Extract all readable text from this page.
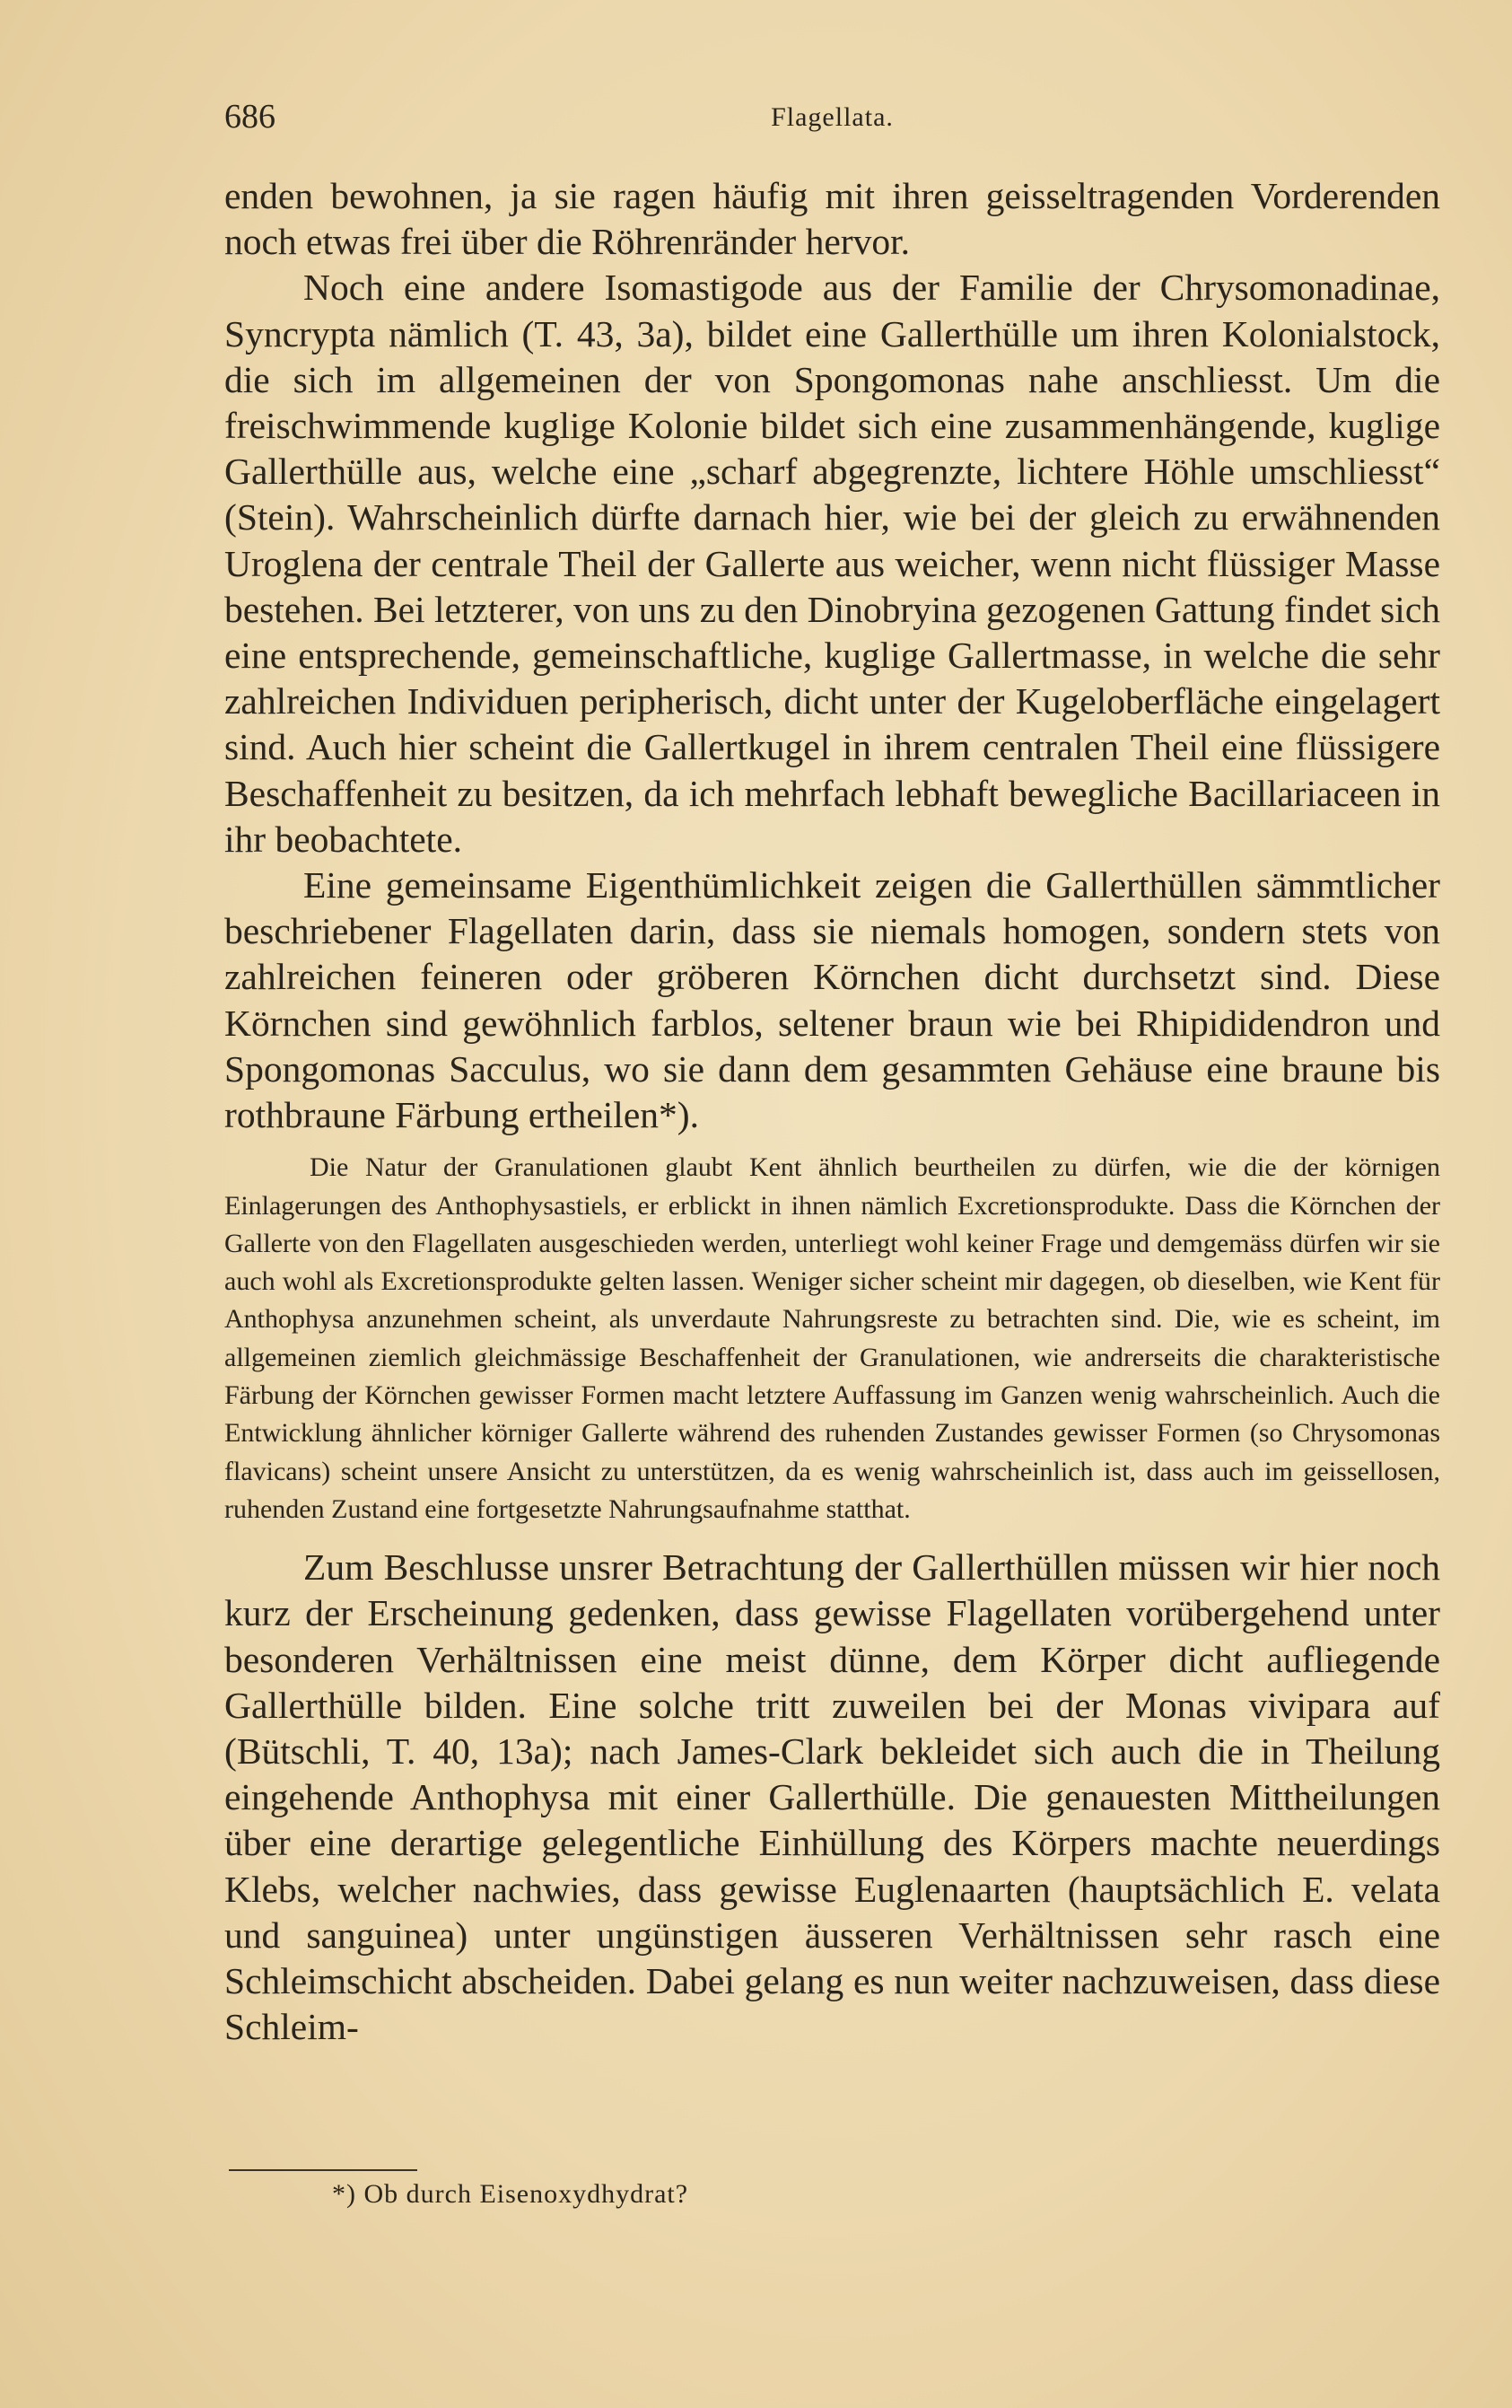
686	Flagellata.

enden bewohnen, ja sie ragen häufig mit ihren geisseltragenden Vorderenden noch etwas frei über die Röhrenränder hervor.

Noch eine andere Isomastigode aus der Familie der Chrysomonadinae, Syncrypta nämlich (T. 43, 3a), bildet eine Gallerthülle um ihren Kolonialstock, die sich im allgemeinen der von Spongomonas nahe anschliesst. Um die freischwimmende kuglige Kolonie bildet sich eine zusammenhängende, kuglige Gallerthülle aus, welche eine „scharf abgegrenzte, lichtere Höhle umschliesst“ (Stein). Wahrscheinlich dürfte darnach hier, wie bei der gleich zu erwähnenden Uroglena der centrale Theil der Gallerte aus weicher, wenn nicht flüssiger Masse bestehen. Bei letzterer, von uns zu den Dinobryina gezogenen Gattung findet sich eine entsprechende, gemeinschaftliche, kuglige Gallertmasse, in welche die sehr zahlreichen Individuen peripherisch, dicht unter der Kugeloberfläche eingelagert sind. Auch hier scheint die Gallertkugel in ihrem centralen Theil eine flüssigere Beschaffenheit zu besitzen, da ich mehrfach lebhaft bewegliche Bacillariaceen in ihr beobachtete.

Eine gemeinsame Eigenthümlichkeit zeigen die Gallerthüllen sämmtlicher beschriebener Flagellaten darin, dass sie niemals homogen, sondern stets von zahlreichen feineren oder gröberen Körnchen dicht durchsetzt sind. Diese Körnchen sind gewöhnlich farblos, seltener braun wie bei Rhipididendron und Spongomonas Sacculus, wo sie dann dem gesammten Gehäuse eine braune bis rothbraune Färbung ertheilen*).

Die Natur der Granulationen glaubt Kent ähnlich beurtheilen zu dürfen, wie die der körnigen Einlagerungen des Anthophysastiels, er erblickt in ihnen nämlich Excretionsprodukte. Dass die Körnchen der Gallerte von den Flagellaten ausgeschieden werden, unterliegt wohl keiner Frage und demgemäss dürfen wir sie auch wohl als Excretionsprodukte gelten lassen. Weniger sicher scheint mir dagegen, ob dieselben, wie Kent für Anthophysa anzunehmen scheint, als unverdaute Nahrungsreste zu betrachten sind. Die, wie es scheint, im allgemeinen ziemlich gleichmässige Beschaffenheit der Granulationen, wie andrerseits die charakteristische Färbung der Körnchen gewisser Formen macht letztere Auffassung im Ganzen wenig wahrscheinlich. Auch die Entwicklung ähnlicher körniger Gallerte während des ruhenden Zustandes gewisser Formen (so Chrysomonas flavicans) scheint unsere Ansicht zu unterstützen, da es wenig wahrscheinlich ist, dass auch im geissellosen, ruhenden Zustand eine fortgesetzte Nahrungsaufnahme statthat.

Zum Beschlusse unsrer Betrachtung der Gallerthüllen müssen wir hier noch kurz der Erscheinung gedenken, dass gewisse Flagellaten vorübergehend unter besonderen Verhältnissen eine meist dünne, dem Körper dicht aufliegende Gallerthülle bilden. Eine solche tritt zuweilen bei der Monas vivipara auf (Bütschli, T. 40, 13a); nach James-Clark bekleidet sich auch die in Theilung eingehende Anthophysa mit einer Gallerthülle. Die genauesten Mittheilungen über eine derartige gelegentliche Einhüllung des Körpers machte neuerdings Klebs, welcher nachwies, dass gewisse Euglenaarten (hauptsächlich E. velata und sanguinea) unter ungünstigen äusseren Verhältnissen sehr rasch eine Schleimschicht abscheiden. Dabei gelang es nun weiter nachzuweisen, dass diese Schleim-

*) Ob durch Eisenoxydhydrat?
